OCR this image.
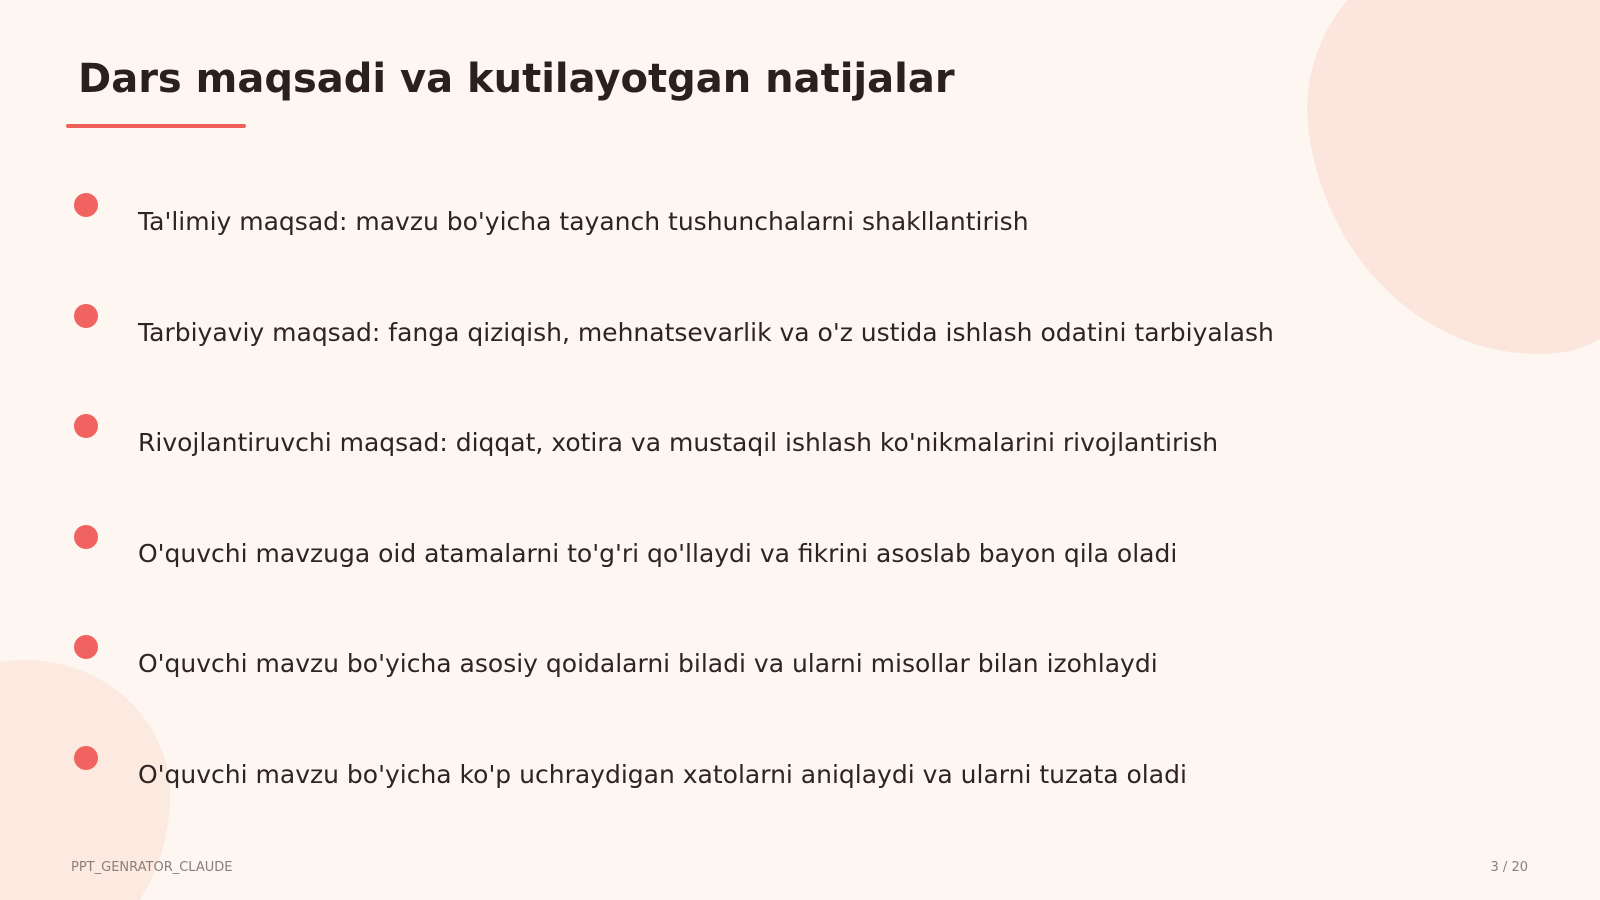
Dars maqsadi va kutilayotgan natijalar
Ta'limiy maqsad: mavzu bo'yicha tayanch tushunchalarni shakllantirish
Tarbiyaviy maqsad: fanga qiziqish, mehnatsevarlik va o'z ustida ishlash odatini tarbiyalash
Rivojlantiruvchi maqsad: diqqat, xotira va mustaqil ishlash ko'nikmalarini rivojlantirish
O'quvchi mavzuga oid atamalarni to'g'ri qo'llaydi va fikrini asoslab bayon qila oladi
O'quvchi mavzu bo'yicha asosiy qoidalarni biladi va ularni misollar bilan izohlaydi
O'quvchi mavzu bo'yicha ko'p uchraydigan xatolarni aniqlaydi va ularni tuzata oladi
PPT_GENRATOR_CLAUDE	3 / 20
